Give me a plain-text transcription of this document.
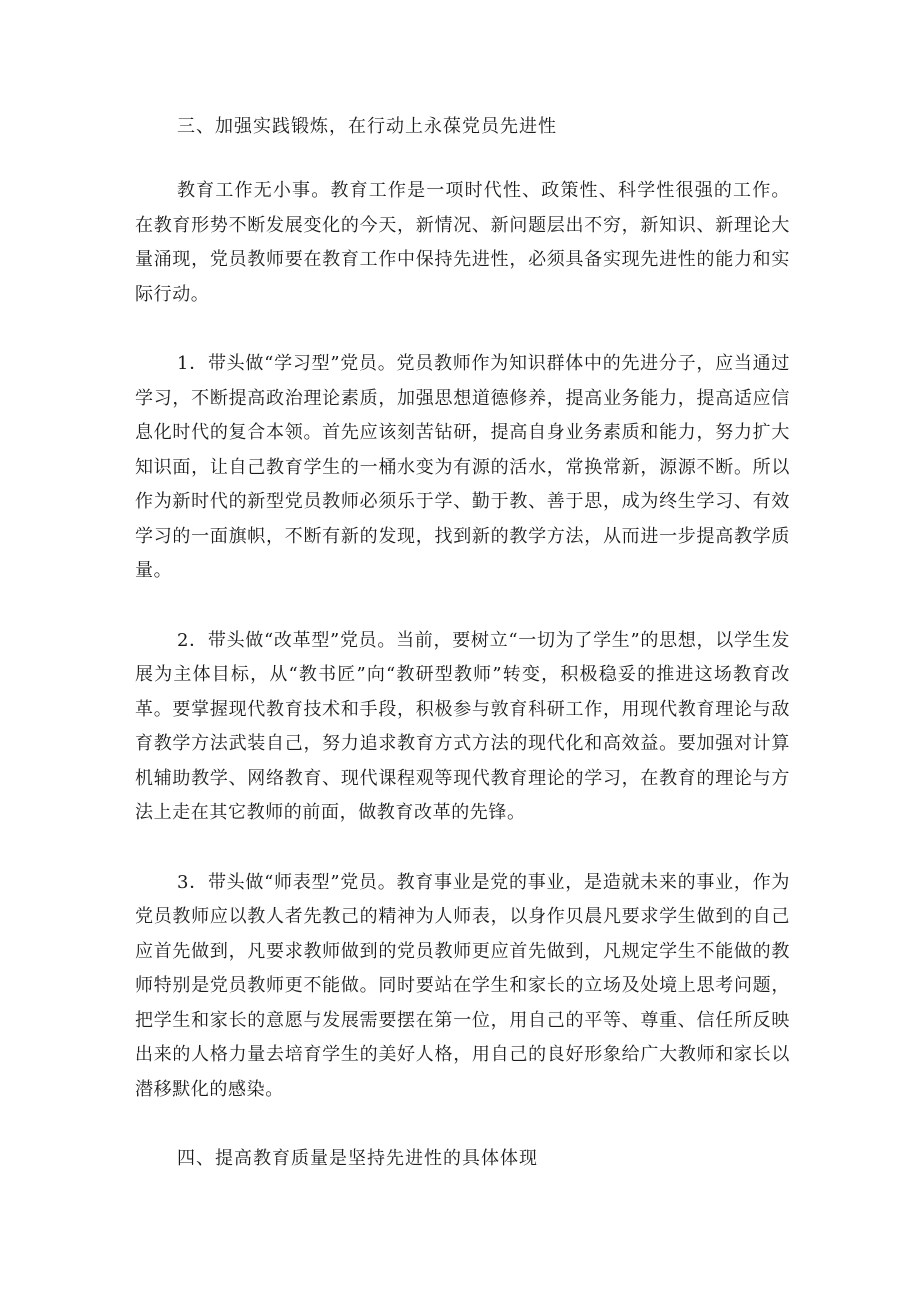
三、加强实践锻炼，在行动上永葆党员先进性

教育工作无小事。教育工作是一项时代性、政策性、科学性很强的工作。在教育形势不断发展变化的今天，新情况、新问题层出不穷，新知识、新理论大量涌现，党员教师要在教育工作中保持先进性，必须具备实现先进性的能力和实际行动。

1．带头做“学习型”党员。党员教师作为知识群体中的先进分子，应当通过学习，不断提高政治理论素质，加强思想道德修养，提高业务能力，提高适应信息化时代的复合本领。首先应该刻苦钻研，提高自身业务素质和能力，努力扩大知识面，让自己教育学生的一桶水变为有源的活水，常换常新，源源不断。所以作为新时代的新型党员教师必须乐于学、勤于教、善于思，成为终生学习、有效学习的一面旗帜，不断有新的发现，找到新的教学方法，从而进一步提高教学质量。

2．带头做“改革型”党员。当前，要树立“一切为了学生”的思想，以学生发展为主体目标，从“教书匠”向“教研型教师”转变，积极稳妥的推进这场教育改革。要掌握现代教育技术和手段，积极参与敦育科研工作，用现代教育理论与敌育教学方法武装自己，努力追求教育方式方法的现代化和高效益。要加强对计算机辅助教学、网络教育、现代课程观等现代教育理论的学习，在教育的理论与方法上走在其它教师的前面，做教育改革的先锋。

3．带头做“师表型”党员。教育事业是党的事业，是造就未来的事业，作为党员教师应以教人者先教己的精神为人师表，以身作贝晨凡要求学生做到的自己应首先做到，凡要求教师做到的党员教师更应首先做到，凡规定学生不能做的教师特别是党员教师更不能做。同时要站在学生和家长的立场及处境上思考问题，把学生和家长的意愿与发展需要摆在第一位，用自己的平等、尊重、信任所反映出来的人格力量去培育学生的美好人格，用自己的良好形象给广大教师和家长以潜移默化的感染。

四、提高教育质量是坚持先进性的具体体现
